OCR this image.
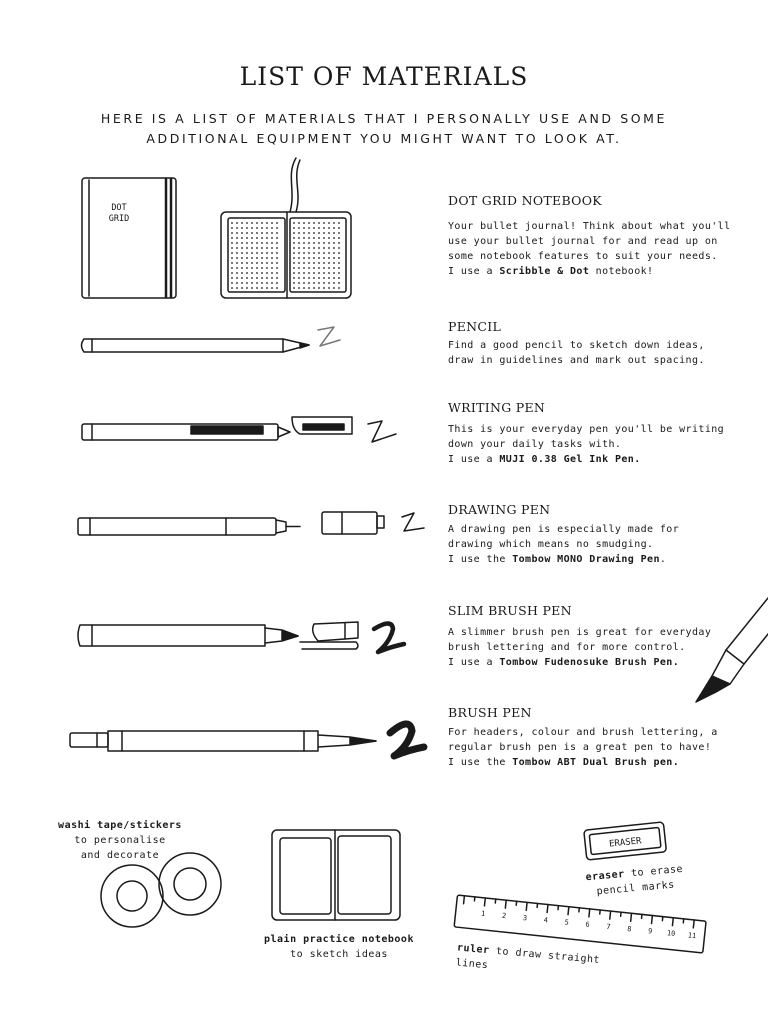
LIST OF MATERIALS

HERE IS A LIST OF MATERIALS THAT I PERSONALLY USE AND SOME ADDITIONAL EQUIPMENT YOU MIGHT WANT TO LOOK AT.

DOT
GRID
ERASER
1 2 3 4 5 6 7 8 9 10 11
DOT GRID NOTEBOOK

Your bullet journal! Think about what you'll
use your bullet journal for and read up on
some notebook features to suit your needs.
I use a Scribble & Dot notebook!

PENCIL

Find a good pencil to sketch down ideas,
draw in guidelines and mark out spacing.

WRITING PEN

This is your everyday pen you'll be writing
down your daily tasks with.
I use a MUJI 0.38 Gel Ink Pen.

DRAWING PEN

A drawing pen is especially made for
drawing which means no smudging.
I use the Tombow MONO Drawing Pen.

SLIM BRUSH PEN

A slimmer brush pen is great for everyday
brush lettering and for more control.
I use a Tombow Fudenosuke Brush Pen.

BRUSH PEN

For headers, colour and brush lettering, a
regular brush pen is a great pen to have!
I use the Tombow ABT Dual Brush pen.

washi tape/stickers
to personalise
and decorate
plain practice notebook
to sketch ideas
eraser to erase
pencil marks
ruler to draw straight lines
